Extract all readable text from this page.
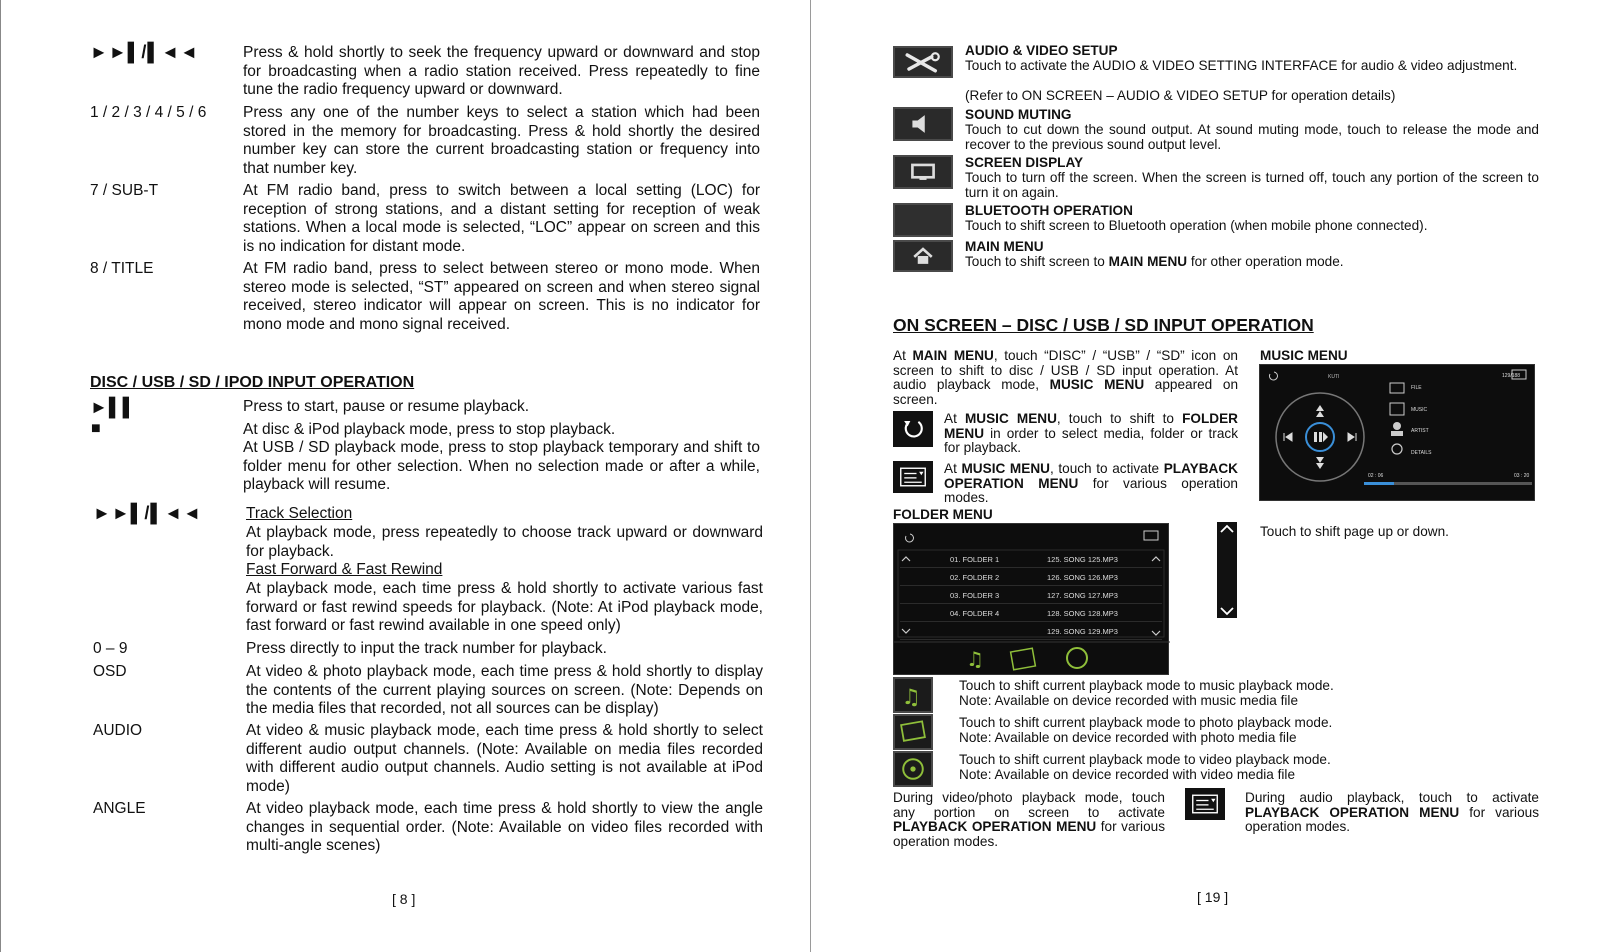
►►▌/▌◄◄	Press & hold shortly to seek the frequency upward or downward and stop for broadcasting when a radio station received. Press repeatedly to fine tune the radio frequency upward or downward.
1 / 2 / 3 / 4 / 5 / 6 Press any one of the number keys to select a station which had been stored in the memory for broadcasting. Press & hold shortly the desired number key can store the current broadcasting station or frequency into that number key.
7 / SUB-T	At FM radio band, press to switch between a local setting (LOC) for reception of strong stations, and a distant setting for reception of weak stations. When a local mode is selected, “LOC” appear on screen and this is no indication for distant mode.
8 / TITLE	At FM radio band, press to select between stereo or mono mode. When stereo mode is selected, “ST” appeared on screen and when stereo signal received, stereo indicator will appear on screen. This is no indicator for mono mode and mono signal received.
DISC / USB / SD / IPOD INPUT OPERATION
►▌▌	Press to start, pause or resume playback.
■	At disc & iPod playback mode, press to stop playback.
At USB / SD playback mode, press to stop playback temporary and shift to folder menu for other selection. When no selection made or after a while, playback will resume.
►►▌/▌◄◄	Track Selection
At playback mode, press repeatedly to choose track upward or downward for playback.
Fast Forward & Fast Rewind
At playback mode, each time press & hold shortly to activate various fast forward or fast rewind speeds for playback. (Note: At iPod playback mode, fast forward or fast rewind available in one speed only)
0 – 9	Press directly to input the track number for playback.
OSD	At video & photo playback mode, each time press & hold shortly to display the contents of the current playing sources on screen. (Note: Depends on the media files that recorded, not all sources can be display)
AUDIO	At video & music playback mode, each time press & hold shortly to select different audio output channels. (Note: Available on media files recorded with different audio output channels. Audio setting is not available at iPod mode)
ANGLE	At video playback mode, each time press & hold shortly to view the angle changes in sequential order. (Note: Available on video files recorded with multi-angle scenes)
[ 8 ]
AUDIO & VIDEO SETUP
Touch to activate the AUDIO & VIDEO SETTING INTERFACE for audio & video adjustment.
(Refer to ON SCREEN – AUDIO & VIDEO SETUP for operation details)
SOUND MUTING
Touch to cut down the sound output. At sound muting mode, touch to release the mode and recover to the previous sound output level.
SCREEN DISPLAY
Touch to turn off the screen. When the screen is turned off, touch any portion of the screen to turn it on again.
BLUETOOTH OPERATION
Touch to shift screen to Bluetooth operation (when mobile phone connected).
MAIN MENU
Touch to shift screen to MAIN MENU for other operation mode.
ON SCREEN – DISC / USB / SD INPUT OPERATION
At MAIN MENU, touch “DISC” / “USB” / “SD” icon on screen to shift to disc / USB / SD input operation. At audio playback mode, MUSIC MENU appeared on screen.
At MUSIC MENU, touch to shift to FOLDER MENU in order to select media, folder or track for playback.
At MUSIC MENU, touch to activate PLAYBACK OPERATION MENU for various operation modes.
MUSIC MENU
129/188
KUTI
FILE
MUSIC
ARTIST
DETAILS
02 : 06	03 : 20
FOLDER MENU
♫
01. FOLDER 1	125. SONG 125.MP3
02. FOLDER 2	126. SONG 126.MP3
03. FOLDER 3	127. SONG 127.MP3
04. FOLDER 4	128. SONG 128.MP3
129. SONG 129.MP3
Touch to shift page up or down.
♫	Touch to shift current playback mode to music playback mode.
Note: Available on device recorded with music media file
Touch to shift current playback mode to photo playback mode.
Note: Available on device recorded with photo media file
Touch to shift current playback mode to video playback mode.
Note: Available on device recorded with video media file
During video/photo playback mode, touch any portion on screen to activate PLAYBACK OPERATION MENU for various operation modes.
During audio playback, touch to activate PLAYBACK OPERATION MENU for various operation modes.
[ 19 ]
